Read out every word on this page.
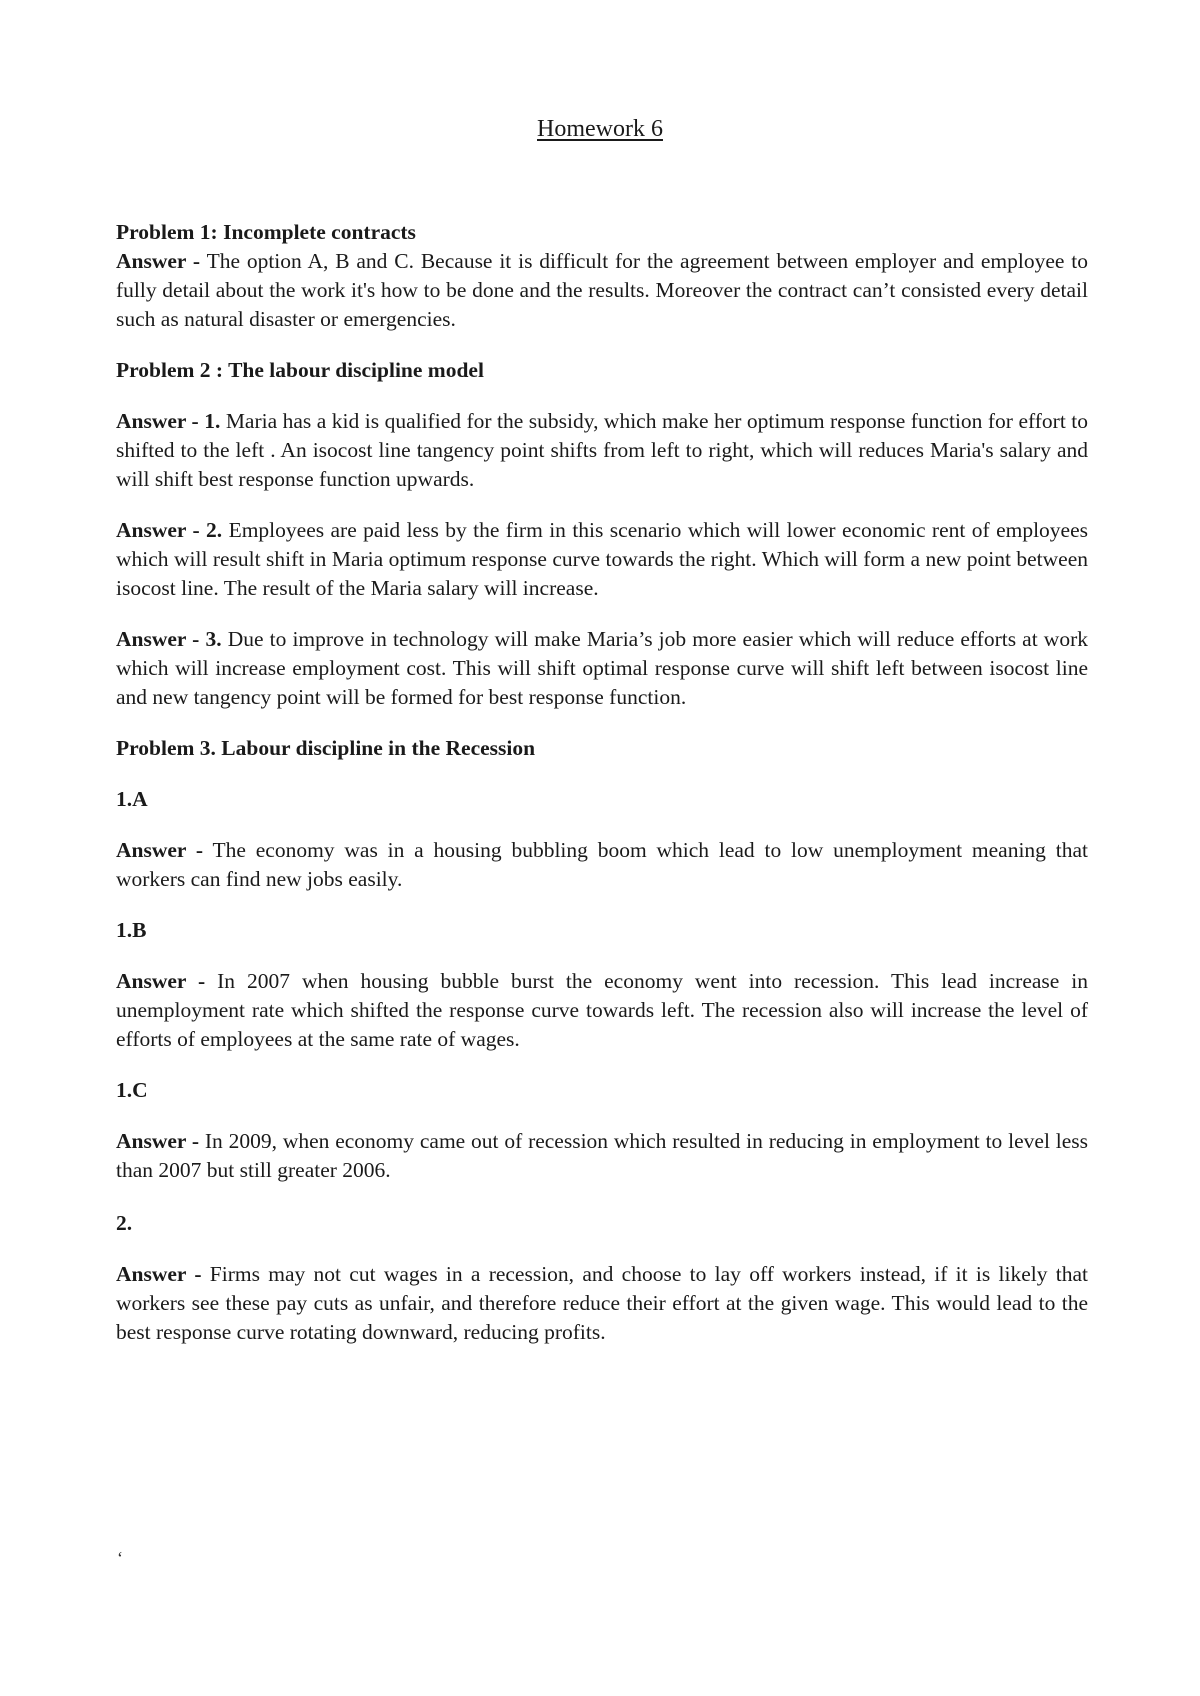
Homework 6

Problem 1: Incomplete contracts

Answer - The option A, B and C. Because it is difficult for the agreement between employer and employee to fully detail about the work it's how to be done and the results. Moreover the contract can’t consisted every detail such as natural disaster or emergencies.

Problem 2 : The labour discipline model

Answer - 1. Maria has a kid is qualified for the subsidy, which make her optimum response function for effort to shifted to the left . An isocost line tangency point shifts from left to right, which will reduces Maria's salary and will shift best response function upwards.

Answer - 2. Employees are paid less by the firm in this scenario which will lower economic rent of employees which will result shift in Maria optimum response curve towards the right. Which will form a new point between isocost line. The result of the Maria salary will increase.

Answer - 3. Due to improve in technology will make Maria’s job more easier which will reduce efforts at work which will increase employment cost. This will shift optimal response curve will shift left between isocost line and new tangency point will be formed for best response function.

Problem 3. Labour discipline in the Recession

1.A

Answer - The economy was in a housing bubbling boom which lead to low unemployment meaning that workers can find new jobs easily.

1.B

Answer - In 2007 when housing bubble burst the economy went into recession. This lead increase in unemployment rate which shifted the response curve towards left. The recession also will increase the level of efforts of employees at the same rate of wages.

1.C

Answer - In 2009, when economy came out of recession which resulted in reducing in employment to level less than 2007 but still greater 2006.

2.

Answer - Firms may not cut wages in a recession, and choose to lay off workers instead, if it is likely that workers see these pay cuts as unfair, and therefore reduce their effort at the given wage. This would lead to the best response curve rotating downward, reducing profits.

‘
